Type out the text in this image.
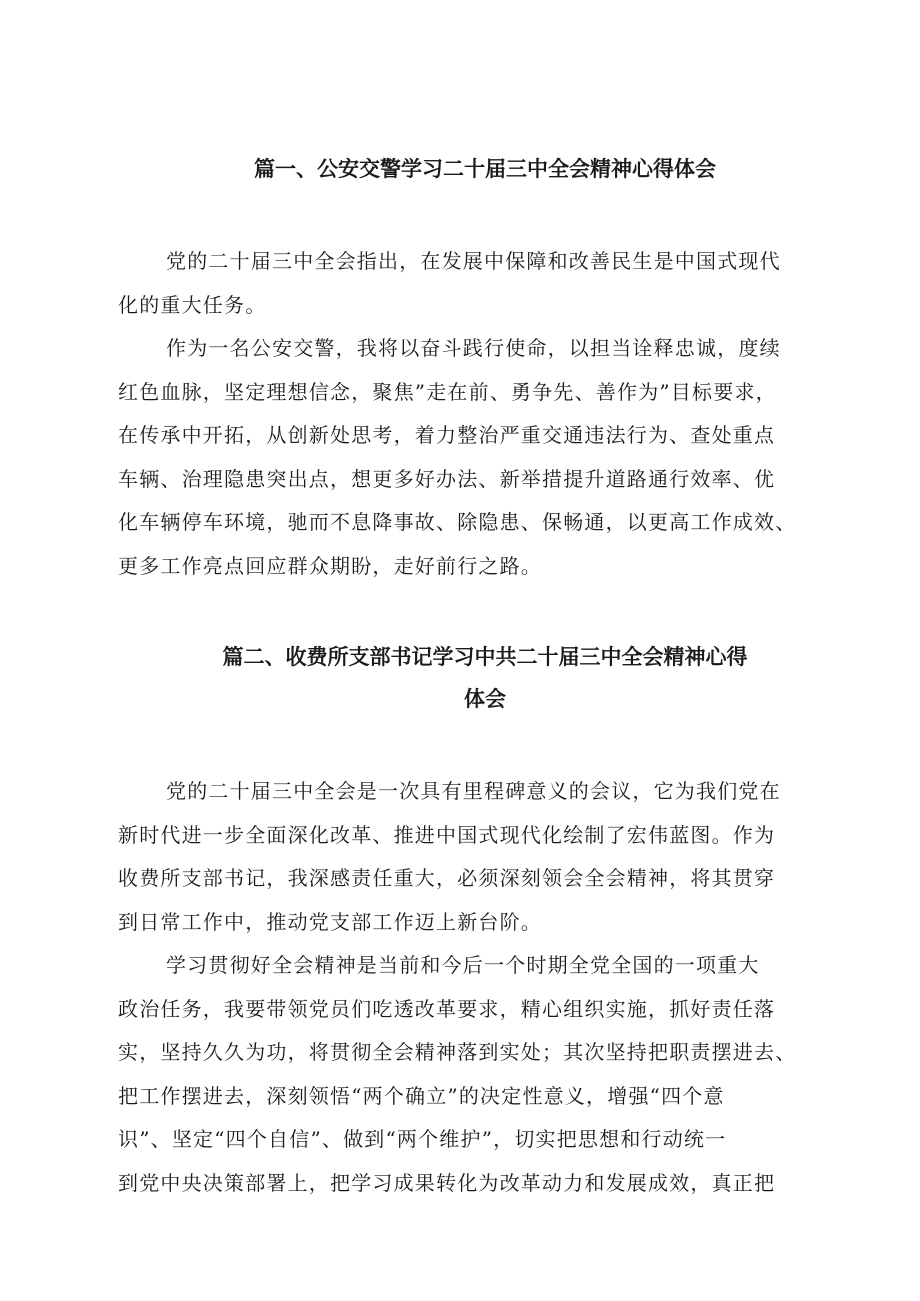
篇一、公安交警学习二十届三中全会精神心得体会

党的二十届三中全会指出，在发展中保障和改善民生是中国式现代
化的重大任务。

作为一名公安交警，我将以奋斗践行使命，以担当诠释忠诚，度续
红色血脉，坚定理想信念，聚焦”走在前、勇争先、善作为”目标要求，
在传承中开拓，从创新处思考，着力整治严重交通违法行为、查处重点
车辆、治理隐患突出点，想更多好办法、新举措提升道路通行效率、优
化车辆停车环境，驰而不息降事故、除隐患、保畅通，以更高工作成效、
更多工作亮点回应群众期盼，走好前行之路。

篇二、收费所支部书记学习中共二十届三中全会精神心得
体会

党的二十届三中全会是一次具有里程碑意义的会议，它为我们党在
新时代进一步全面深化改革、推进中国式现代化绘制了宏伟蓝图。作为
收费所支部书记，我深感责任重大，必须深刻领会全会精神，将其贯穿
到日常工作中，推动党支部工作迈上新台阶。

学习贯彻好全会精神是当前和今后一个时期全党全国的一项重大
政治任务，我要带领党员们吃透改革要求，精心组织实施，抓好责任落
实，坚持久久为功，将贯彻全会精神落到实处；其次坚持把职责摆进去、
把工作摆进去，深刻领悟“两个确立”的决定性意义，增强“四个意
识”、坚定“四个自信”、做到“两个维护”，切实把思想和行动统一
到党中央决策部署上，把学习成果转化为改革动力和发展成效，真正把
